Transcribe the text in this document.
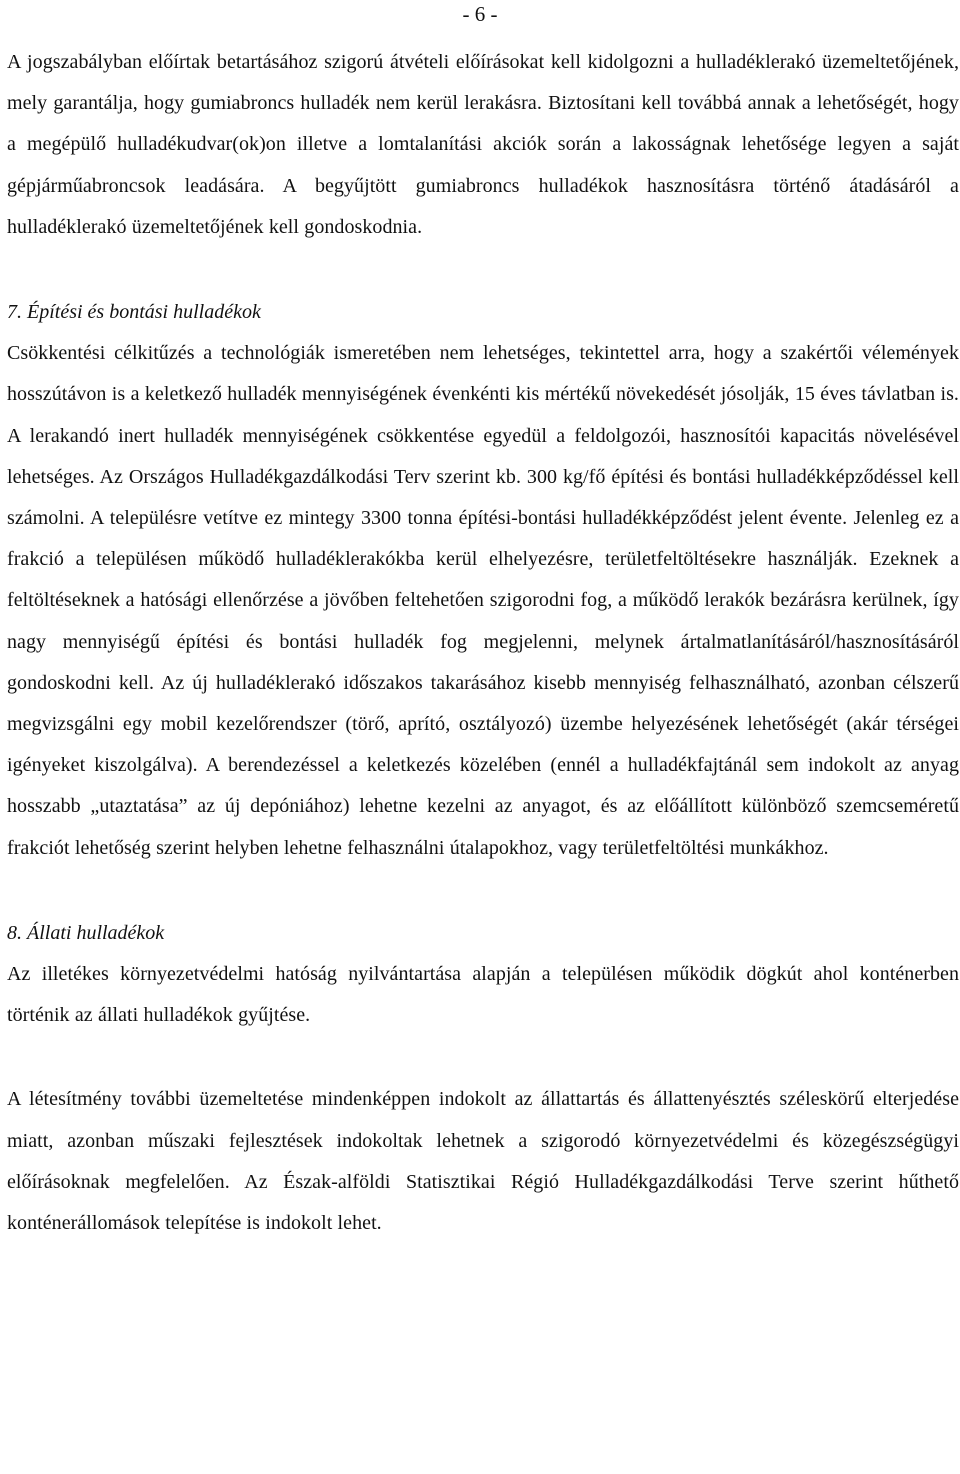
- 6 -

A jogszabályban előírtak betartásához szigorú átvételi előírásokat kell kidolgozni a hulladéklerakó üzemeltetőjének, mely garantálja, hogy gumiabroncs hulladék nem kerül lerakásra. Biztosítani kell továbbá annak a lehetőségét, hogy a megépülő hulladékudvar(ok)on illetve a lomtalanítási akciók során a lakosságnak lehetősége legyen a saját gépjárműabroncsok leadására. A begyűjtött gumiabroncs hulladékok hasznosításra történő átadásáról a hulladéklerakó üzemeltetőjének kell gondoskodnia.

7. Építési és bontási hulladékok

Csökkentési célkitűzés a technológiák ismeretében nem lehetséges, tekintettel arra, hogy a szakértői vélemények hosszútávon is a keletkező hulladék mennyiségének évenkénti kis mértékű növekedését jósolják, 15 éves távlatban is. A lerakandó inert hulladék mennyiségének csökkentése egyedül a feldolgozói, hasznosítói kapacitás növelésével lehetséges. Az Országos Hulladékgazdálkodási Terv szerint kb. 300 kg/fő építési és bontási hulladékképződéssel kell számolni. A településre vetítve ez mintegy 3300 tonna építési-bontási hulladékképződést jelent évente. Jelenleg ez a frakció a településen működő hulladéklerakókba kerül elhelyezésre, területfeltöltésekre használják. Ezeknek a feltöltéseknek a hatósági ellenőrzése a jövőben feltehetően szigorodni fog, a működő lerakók bezárásra kerülnek, így nagy mennyiségű építési és bontási hulladék fog megjelenni, melynek ártalmatlanításáról/hasznosításáról gondoskodni kell. Az új hulladéklerakó időszakos takarásához kisebb mennyiség felhasználható, azonban célszerű megvizsgálni egy mobil kezelőrendszer (törő, aprító, osztályozó) üzembe helyezésének lehetőségét (akár térségei igényeket kiszolgálva). A berendezéssel a keletkezés közelében (ennél a hulladékfajtánál sem indokolt az anyag hosszabb „utaztatása” az új depóniához) lehetne kezelni az anyagot, és az előállított különböző szemcseméretű frakciót lehetőség szerint helyben lehetne felhasználni útalapokhoz, vagy területfeltöltési munkákhoz.

8. Állati hulladékok

Az illetékes környezetvédelmi hatóság nyilvántartása alapján a településen működik dögkút ahol konténerben történik az állati hulladékok gyűjtése.

A létesítmény további üzemeltetése mindenképpen indokolt az állattartás és állattenyésztés széleskörű elterjedése miatt, azonban műszaki fejlesztések indokoltak lehetnek a szigorodó környezetvédelmi és közegészségügyi előírásoknak megfelelően. Az Észak-alföldi Statisztikai Régió Hulladékgazdálkodási Terve szerint hűthető konténerállomások telepítése is indokolt lehet.
